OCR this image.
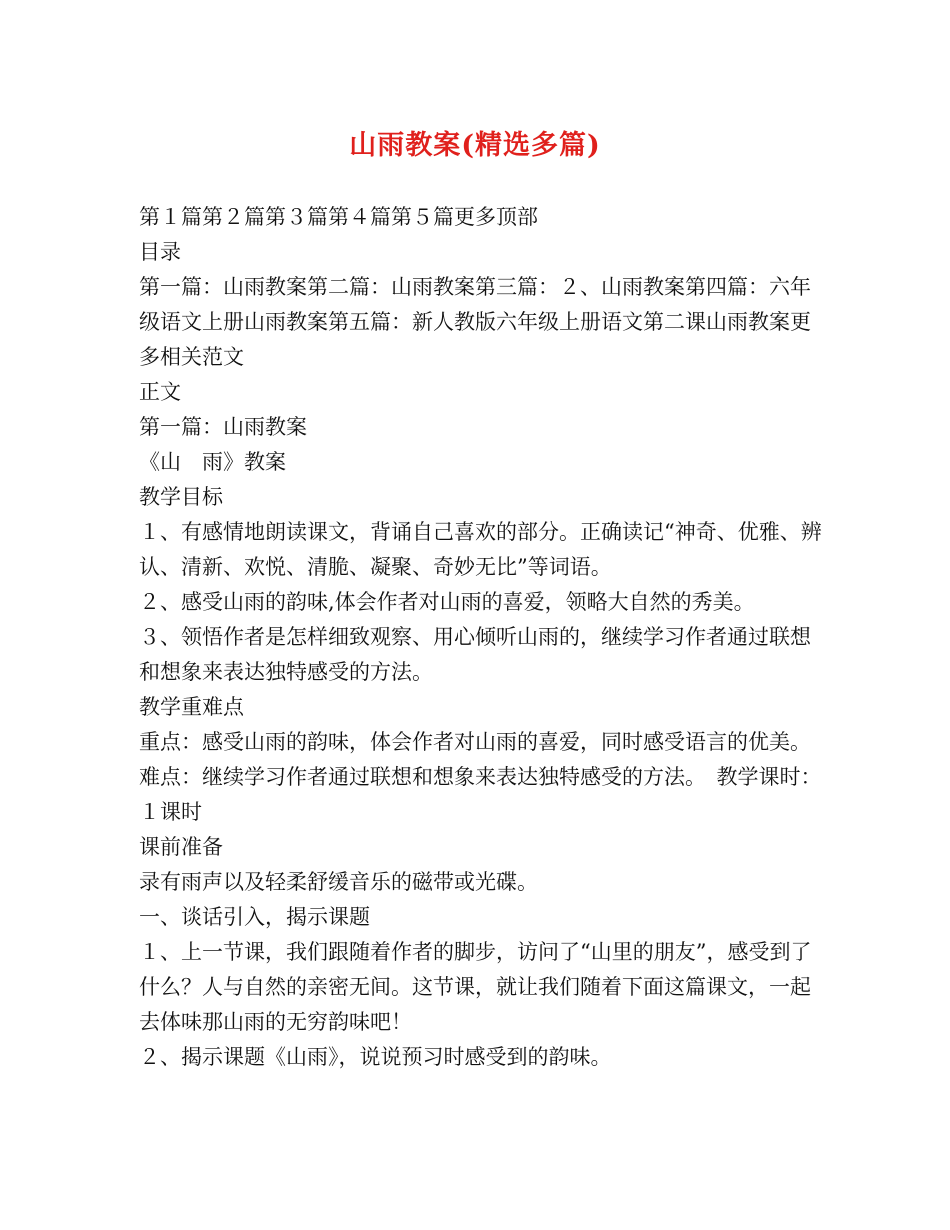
山雨教案(精选多篇)

第１篇第２篇第３篇第４篇第５篇更多顶部

目录

第一篇：山雨教案第二篇：山雨教案第三篇：２、山雨教案第四篇：六年级语文上册山雨教案第五篇：新人教版六年级上册语文第二课山雨教案更多相关范文

正文

第一篇：山雨教案

《山　雨》教案

教学目标

１、有感情地朗读课文，背诵自己喜欢的部分。正确读记“神奇、优雅、辨认、清新、欢悦、清脆、凝聚、奇妙无比”等词语。

２、感受山雨的韵味,体会作者对山雨的喜爱，领略大自然的秀美。

３、领悟作者是怎样细致观察、用心倾听山雨的，继续学习作者通过联想和想象来表达独特感受的方法。

教学重难点

重点：感受山雨的韵味，体会作者对山雨的喜爱，同时感受语言的优美。

难点：继续学习作者通过联想和想象来表达独特感受的方法。　教学课时：１课时

课前准备

录有雨声以及轻柔舒缓音乐的磁带或光碟。

一、谈话引入，揭示课题

１、上一节课，我们跟随着作者的脚步，访问了“山里的朋友”，感受到了什么？人与自然的亲密无间。这节课，就让我们随着下面这篇课文，一起去体味那山雨的无穷韵味吧！

２、揭示课题《山雨》，说说预习时感受到的韵味。
